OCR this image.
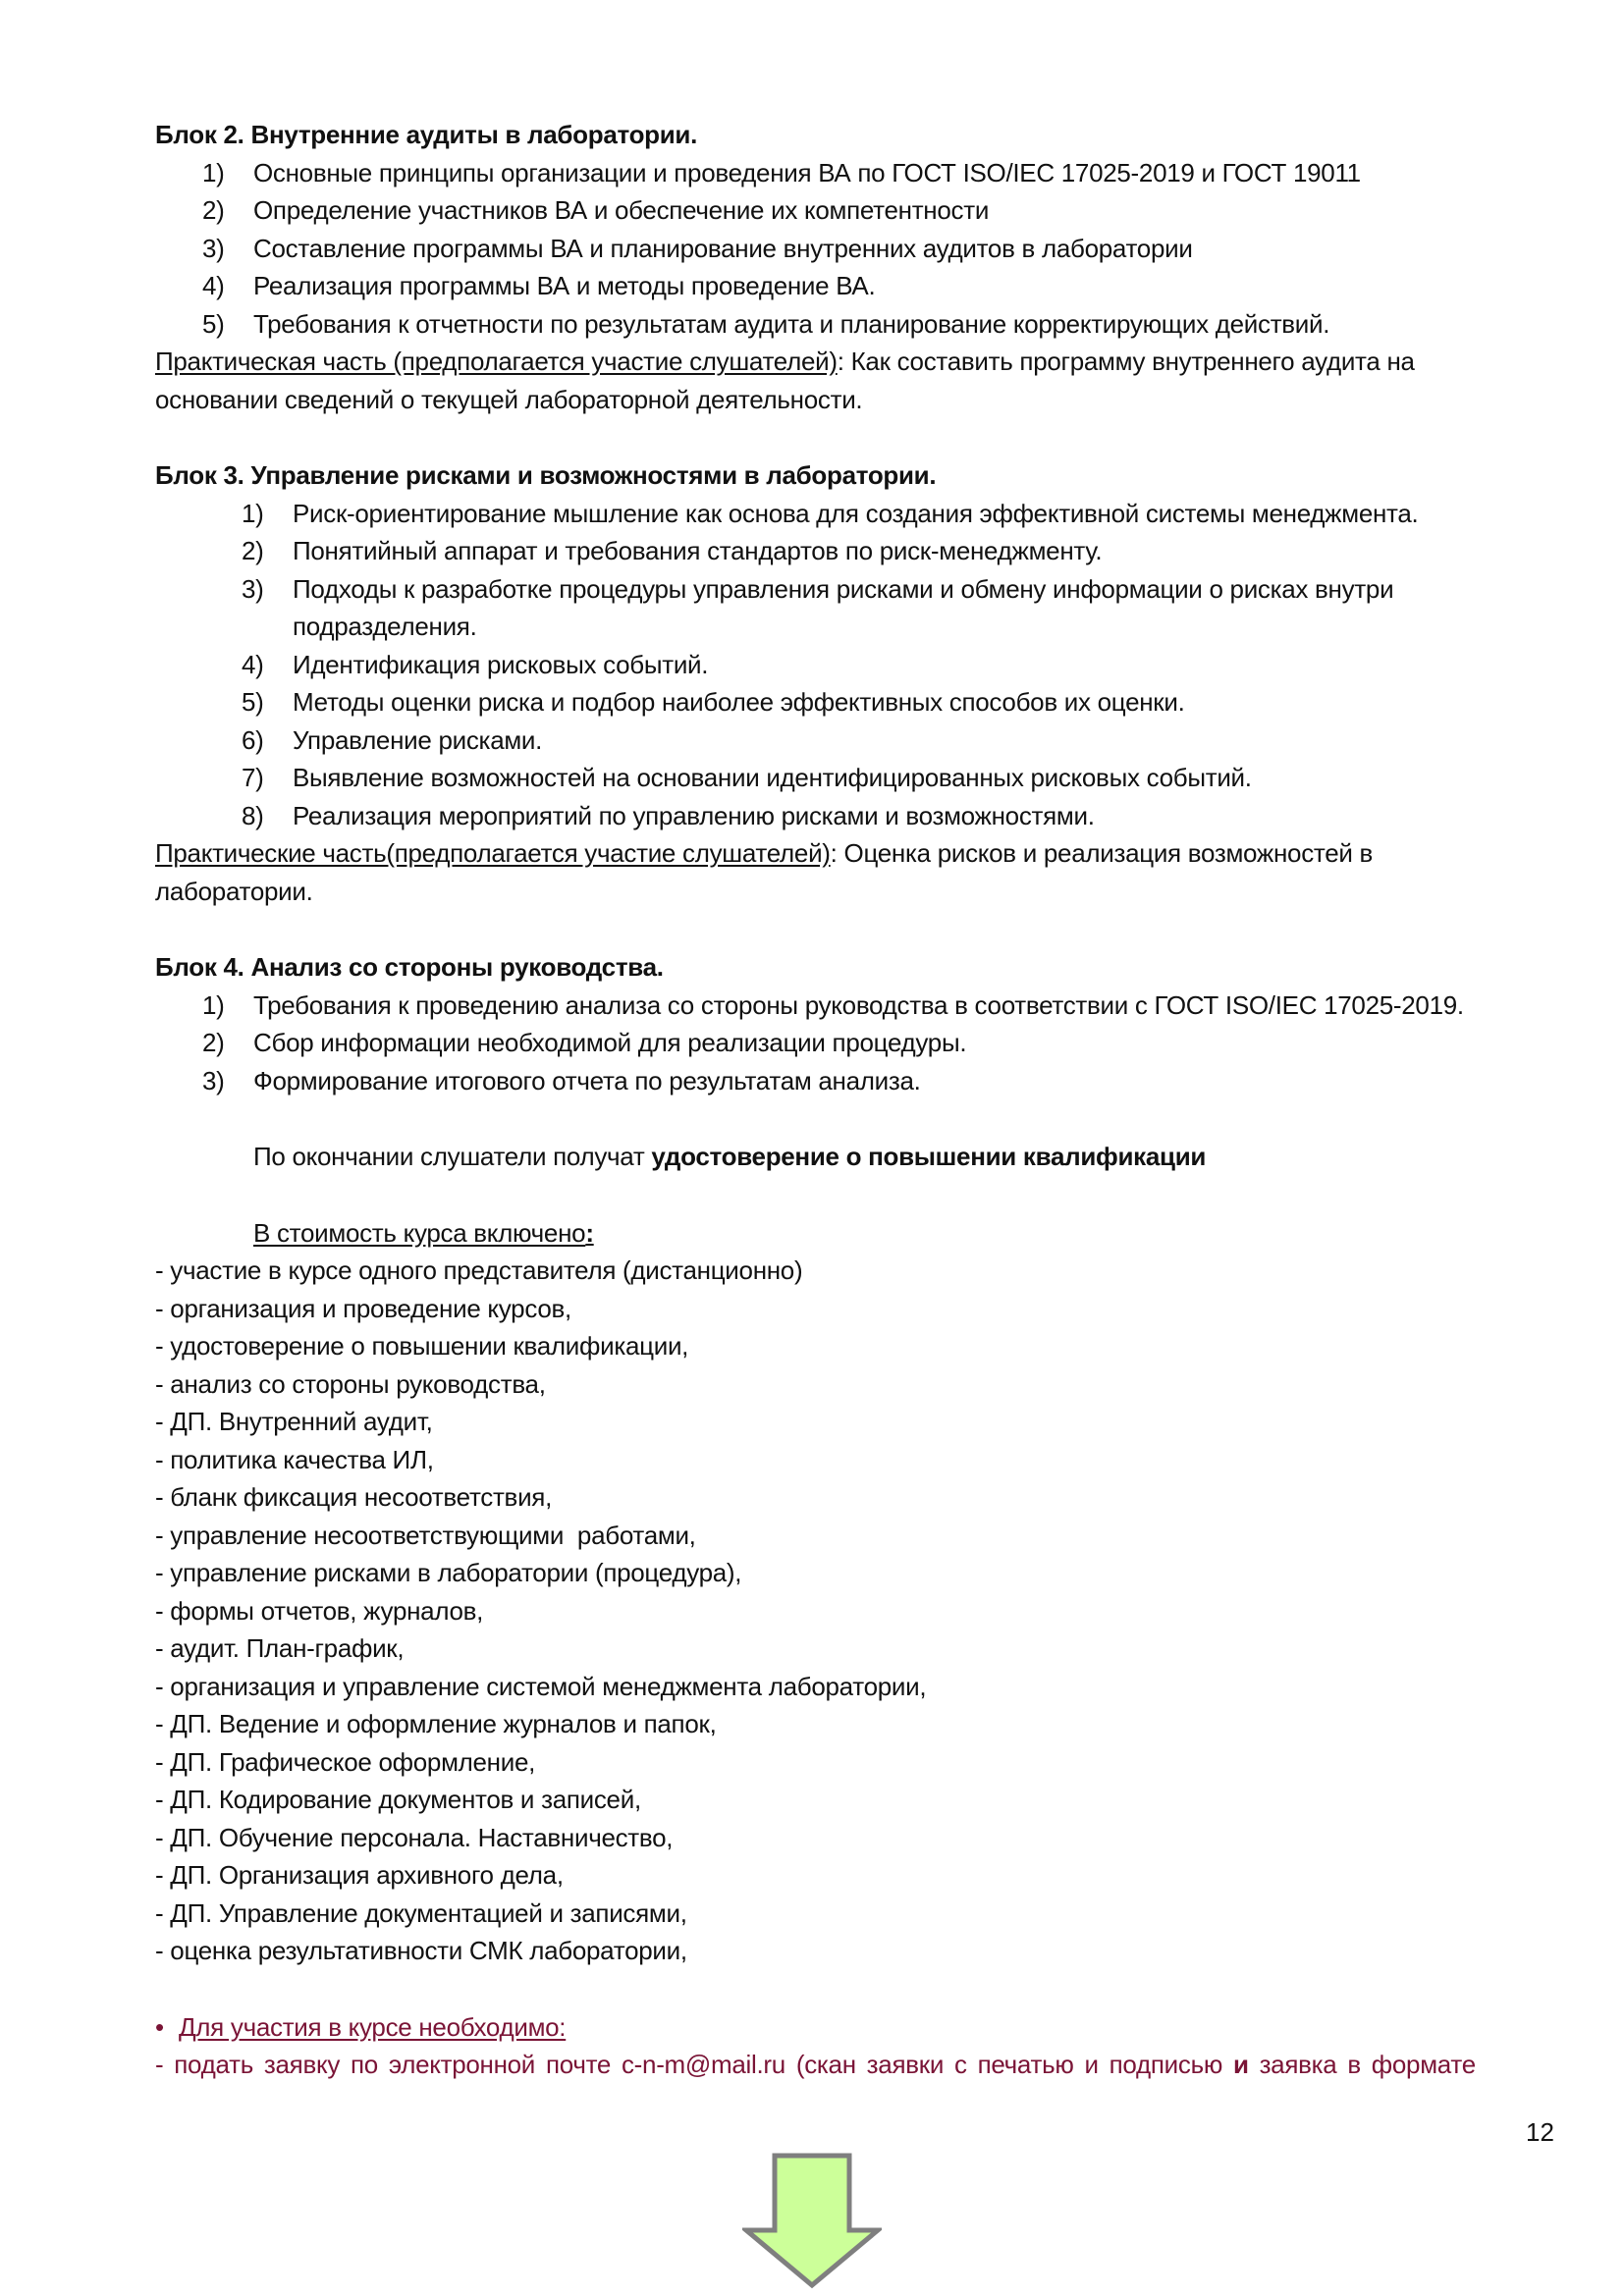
Блок 2. Внутренние аудиты в лаборатории.

1) Основные принципы организации и проведения ВА по ГОСТ ISO/IEC 17025-2019 и ГОСТ 19011
2) Определение участников ВА и обеспечение их компетентности
3) Составление программы ВА и планирование внутренних аудитов в лаборатории
4) Реализация программы ВА и методы проведение ВА.
5) Требования к отчетности по результатам аудита и планирование корректирующих действий.

Практическая часть (предполагается участие слушателей): Как составить программу внутреннего аудита на основании сведений о текущей лабораторной деятельности.

Блок 3. Управление рисками и возможностями в лаборатории.

1) Риск-ориентирование мышление как основа для создания эффективной системы менеджмента.
2) Понятийный аппарат и требования стандартов по риск-менеджменту.
3) Подходы к разработке процедуры управления рисками и обмену информации о рисках внутри подразделения.
4) Идентификация рисковых событий.
5) Методы оценки риска и подбор наиболее эффективных способов их оценки.
6) Управление рисками.
7) Выявление возможностей на основании идентифицированных рисковых событий.
8) Реализация мероприятий по управлению рисками и возможностями.

Практические часть(предполагается участие слушателей): Оценка рисков и реализация возможностей в лаборатории.

Блок 4. Анализ со стороны руководства.

1) Требования к проведению анализа со стороны руководства в соответствии с ГОСТ ISO/IEC 17025-2019.
2) Сбор информации необходимой для реализации процедуры.
3) Формирование итогового отчета по результатам анализа.

По окончании слушатели получат удостоверение о повышении квалификации

В стоимость курса включено:

- участие в курсе одного представителя (дистанционно)
- организация и проведение курсов,
- удостоверение о повышении квалификации,
- анализ со стороны руководства,
- ДП. Внутренний аудит,
- политика качества ИЛ,
- бланк фиксация несоответствия,
- управление несоответствующими  работами,
- управление рисками в лаборатории (процедура),
- формы отчетов, журналов,
- аудит. План-график,
- организация и управление системой менеджмента лаборатории,
- ДП. Ведение и оформление журналов и папок,
- ДП. Графическое оформление,
- ДП. Кодирование документов и записей,
- ДП. Обучение персонала. Наставничество,
- ДП. Организация архивного дела,
- ДП. Управление документацией и записями,
- оценка результативности СМК лаборатории,

• Для участия в курсе необходимо:

- подать заявку по электронной почте c-n-m@mail.ru (скан заявки с печатью и подписью и заявка в формате

12
